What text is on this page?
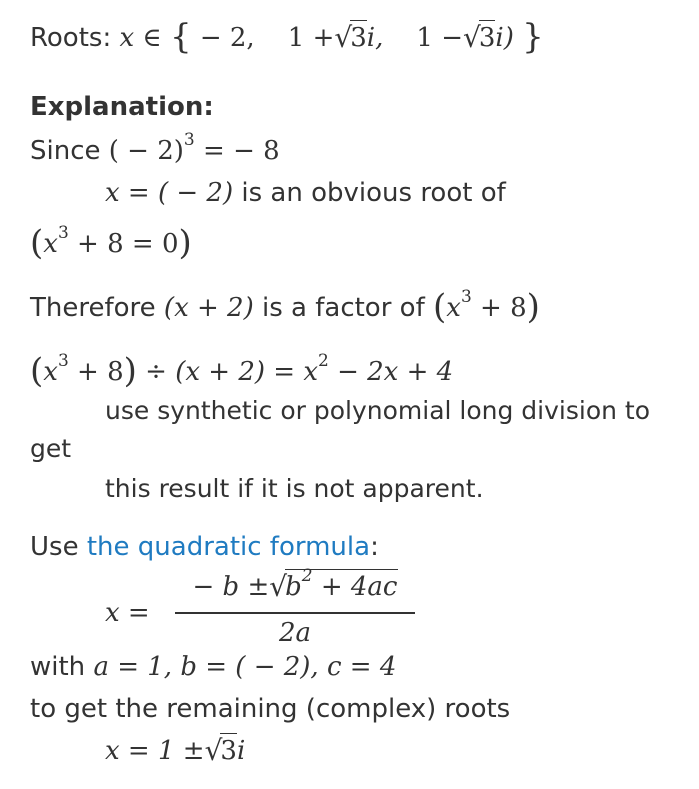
Roots: x ∈ { − 2, 1 +√3i, 1 −√3i) }
Explanation:
Since ( − 2)$^3$ = − 8
x = ( − 2) is an obvious root of
$(x^3 + 8 = 0)$
Therefore (x + 2) is a factor of $(x^3 + 8)$
$(x^3 + 8) \div (x + 2) = x^2 - 2x + 4$
use synthetic or polynomial long division to
get
this result if it is not apparent.
Use the quadratic formula:
x =
− $b \pm√b^2 + 4ac$
2a
with a = 1, b = ( − 2), c = 4
to get the remaining (complex) roots
x = 1 ±√3i
